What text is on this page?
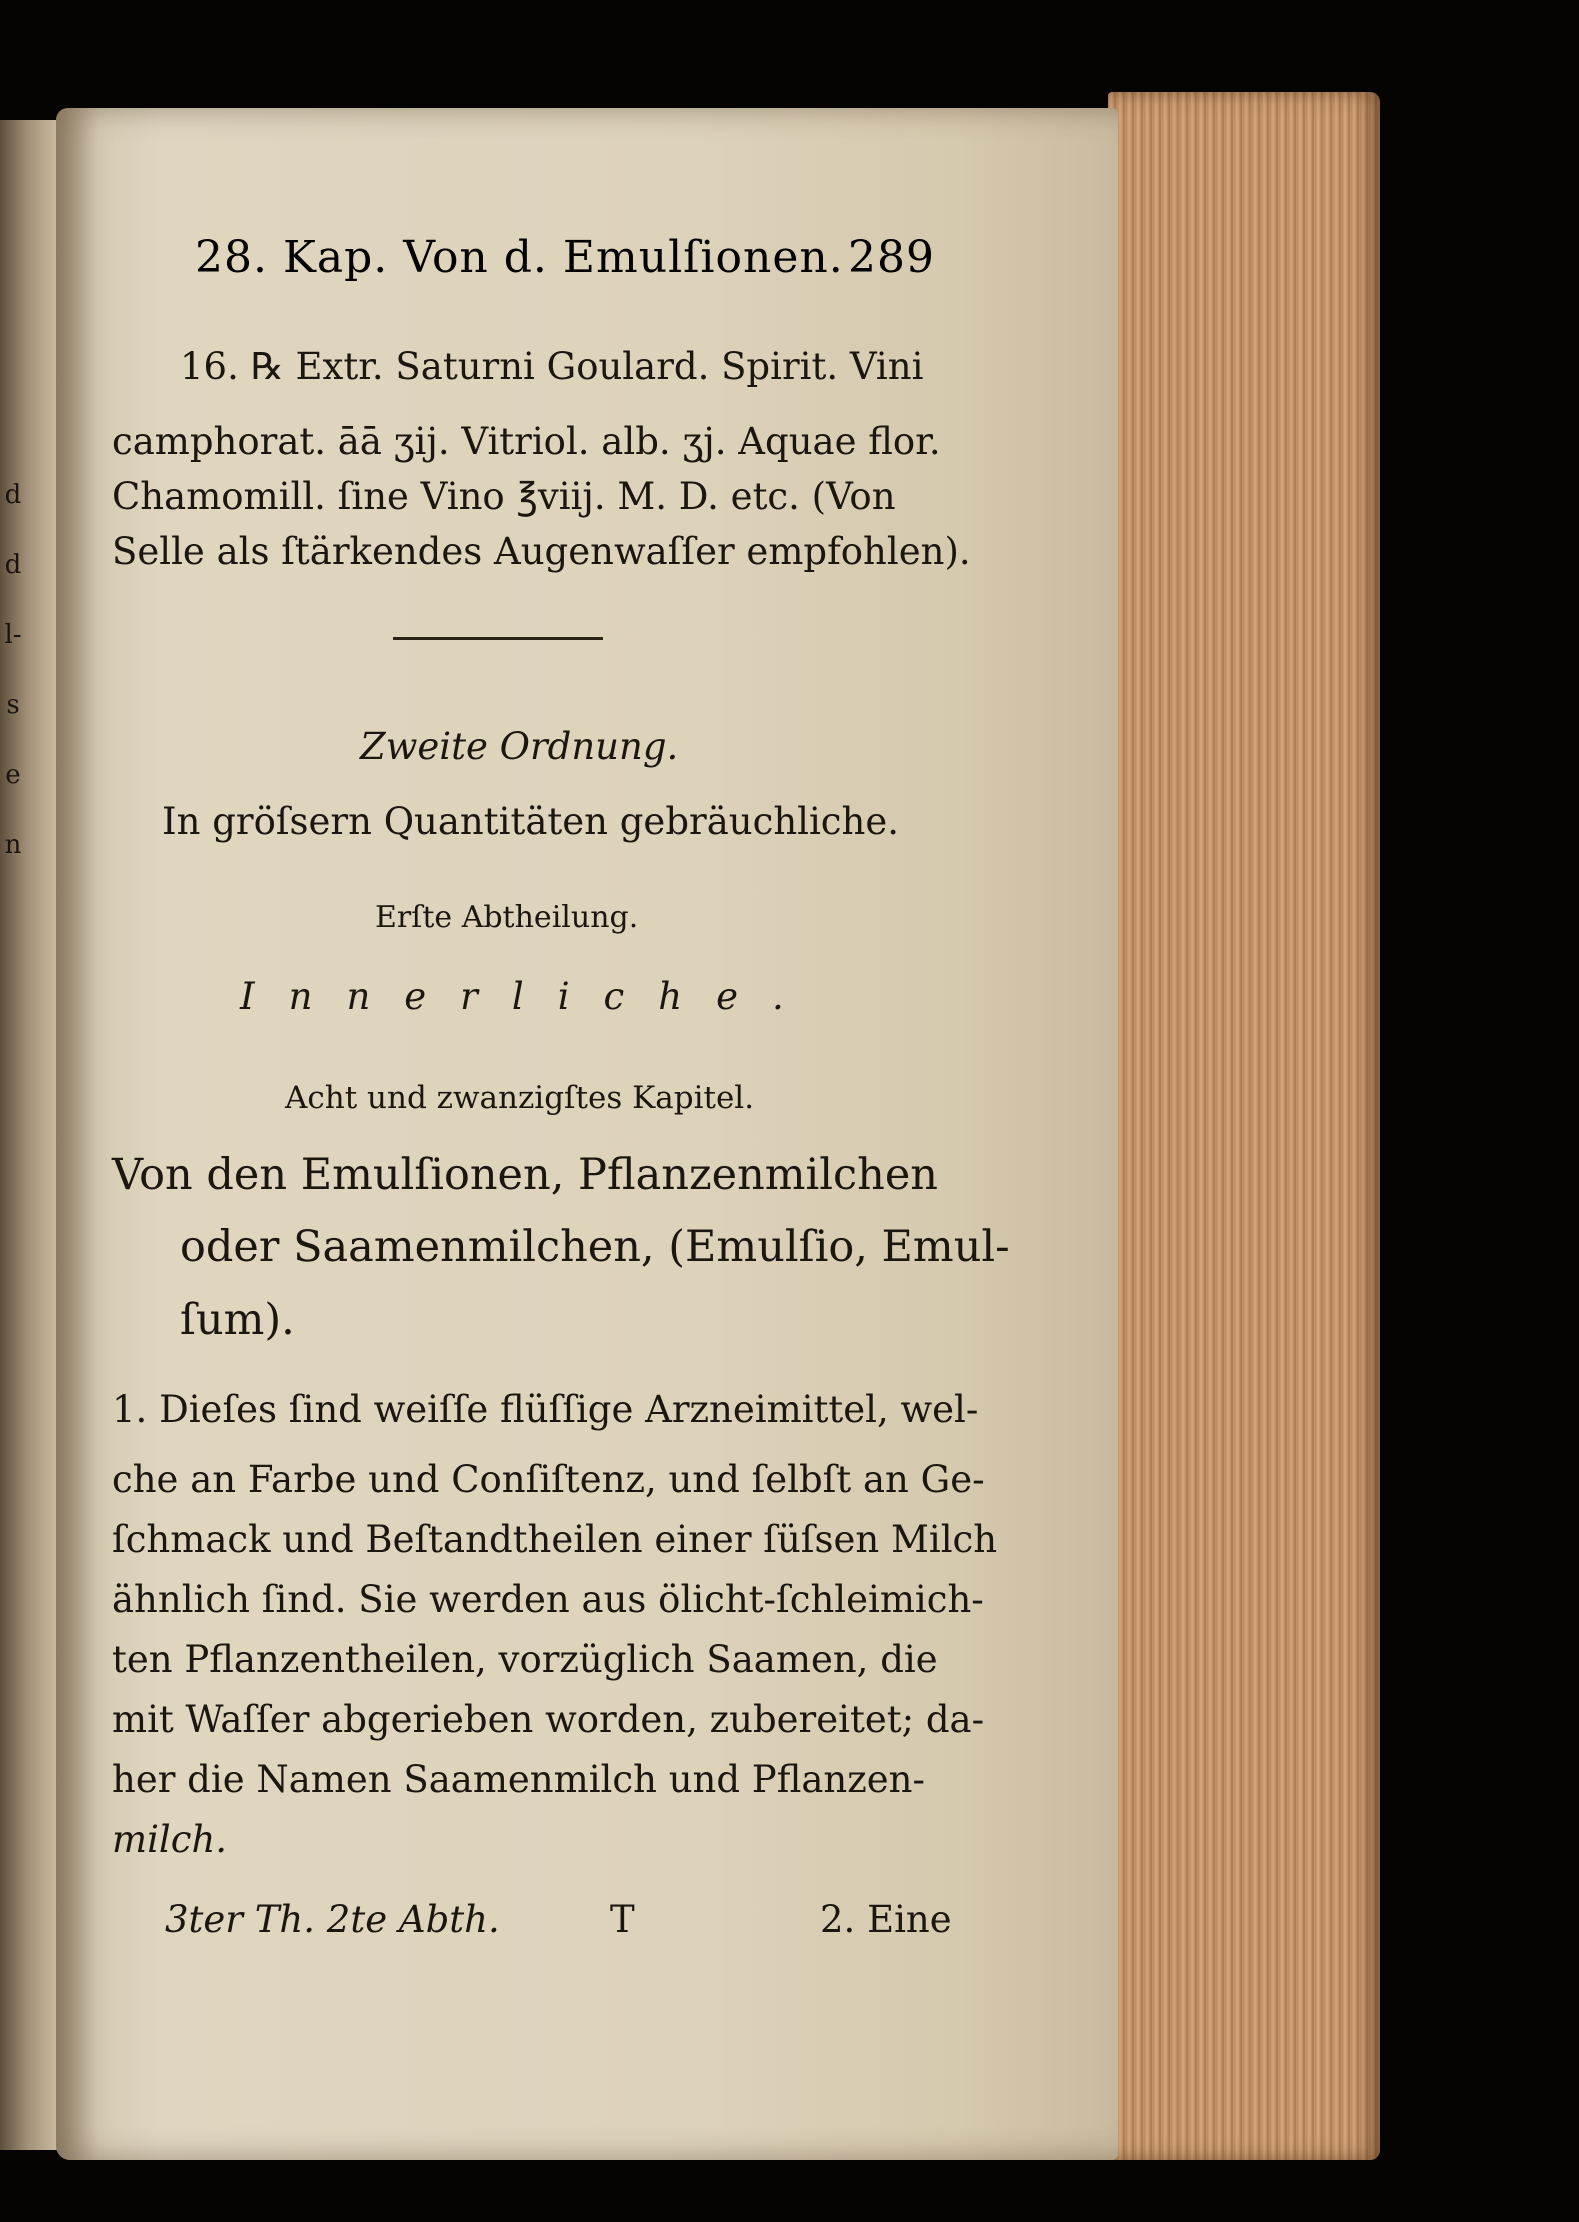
d
d
l-
s
e
n
28. Kap. Von d. Emulſionen. 289
16. ℞ Extr. Saturni Goulard. Spirit. Vini
camphorat. āā ʒij. Vitriol. alb. ʒj. Aquae flor.
Chamomill. ſine Vino ℥viij. M. D. etc. (Von
Selle als ſtärkendes Augenwaſſer empfohlen).
Zweite Ordnung.
In gröſsern Quantitäten gebräuchliche.
Erſte Abtheilung.
Innerliche.
Acht und zwanzigſtes Kapitel.
Von den Emulſionen, Pflanzenmilchen
oder Saamenmilchen, (Emulſio, Emul-
ſum).
1. Dieſes ſind weiſſe flüſſige Arzneimittel, wel-
che an Farbe und Conſiſtenz, und ſelbſt an Ge-
ſchmack und Beſtandtheilen einer ſüſsen Milch
ähnlich ſind. Sie werden aus ölicht-ſchleimich-
ten Pflanzentheilen, vorzüglich Saamen, die
mit Waſſer abgerieben worden, zubereitet; da-
her die Namen Saamenmilch und Pflanzen-
milch.
3ter Th. 2te Abth.	T	2. Eine
